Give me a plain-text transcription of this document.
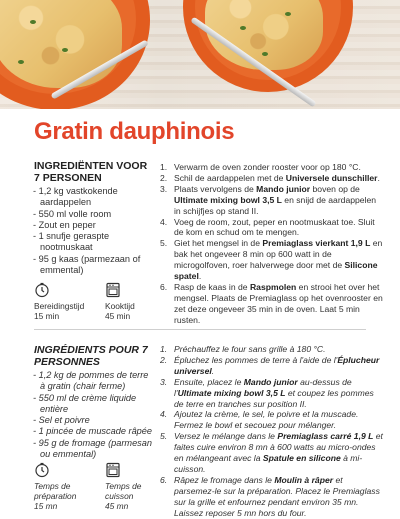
Gratin dauphinois
INGREDIËNTEN VOOR 7 PERSONEN
- 1,2 kg vastkokende aardappelen
- 550 ml volle room
- Zout en peper
- 1 snufje geraspte nootmuskaat
- 95 g kaas (parmezaan of emmental)
Bereidingstijd
15 min
Kooktijd
45 min
1. Verwarm de oven zonder rooster voor op 180 °C.
2. Schil de aardappelen met de Universele dunschiller.
3. Plaats vervolgens de Mando junior boven op de Ultimate mixing bowl 3,5 L en snijd de aardappelen in schijfjes op stand II.
4. Voeg de room, zout, peper en nootmuskaat toe. Sluit de kom en schud om te mengen.
5. Giet het mengsel in de Premiaglass vierkant 1,9 L en bak het ongeveer 8 min op 600 watt in de microgolfoven, roer halverwege door met de Silicone spatel.
6. Rasp de kaas in de Raspmolen en strooi het over het mengsel. Plaats de Premiaglass op het ovenrooster en zet deze ongeveer 35 min in de oven. Laat 5 min rusten.
INGRÉDIENTS POUR 7 PERSONNES
- 1,2 kg de pommes de terre à gratin (chair ferme)
- 550 ml de crème liquide entière
- Sel et poivre
- 1 pincée de muscade râpée
- 95 g de fromage (parmesan ou emmental)
Temps de préparation
15 mn
Temps de cuisson
45 mn
1. Préchauffez le four sans grille à 180 °C.
2. Épluchez les pommes de terre à l'aide de l'Éplucheur universel.
3. Ensuite, placez le Mando junior au-dessus de l'Ultimate mixing bowl 3,5 L et coupez les pommes de terre en tranches sur position II.
4. Ajoutez la crème, le sel, le poivre et la muscade. Fermez le bowl et secouez pour mélanger.
5. Versez le mélange dans le Premiaglass carré 1,9 L et faites cuire environ 8 mn à 600 watts au micro-ondes en mélangeant avec la Spatule en silicone à mi-cuisson.
6. Râpez le fromage dans le Moulin à râper et parsemez-le sur la préparation. Placez le Premiaglass sur la grille et enfournez pendant environ 35 mn. Laissez reposer 5 mn hors du four.
